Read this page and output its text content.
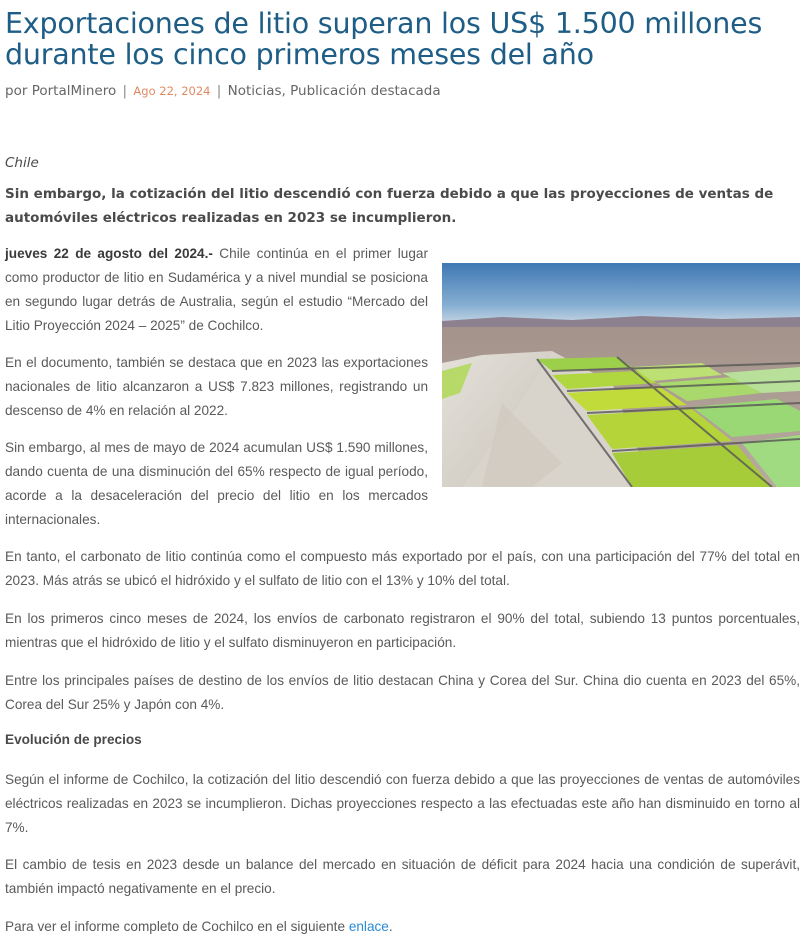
Exportaciones de litio superan los US$ 1.500 millones durante los cinco primeros meses del año
por PortalMinero | Ago 22, 2024 | Noticias, Publicación destacada
Chile

Sin embargo, la cotización del litio descendió con fuerza debido a que las proyecciones de ventas de automóviles eléctricos realizadas en 2023 se incumplieron.

jueves 22 de agosto del 2024.- Chile continúa en el primer lugar como productor de litio en Sudamérica y a nivel mundial se posiciona en segundo lugar detrás de Australia, según el estudio “Mercado del Litio Proyección 2024 – 2025” de Cochilco.

En el documento, también se destaca que en 2023 las exportaciones nacionales de litio alcanzaron a US$ 7.823 millones, registrando un descenso de 4% en relación al 2022.

Sin embargo, al mes de mayo de 2024 acumulan US$ 1.590 millones, dando cuenta de una disminución del 65% respecto de igual período, acorde a la desaceleración del precio del litio en los mercados internacionales.

En tanto, el carbonato de litio continúa como el compuesto más exportado por el país, con una participación del 77% del total en 2023. Más atrás se ubicó el hidróxido y el sulfato de litio con el 13% y 10% del total.

En los primeros cinco meses de 2024, los envíos de carbonato registraron el 90% del total, subiendo 13 puntos porcentuales, mientras que el hidróxido de litio y el sulfato disminuyeron en participación.

Entre los principales países de destino de los envíos de litio destacan China y Corea del Sur. China dio cuenta en 2023 del 65%, Corea del Sur 25% y Japón con 4%.

Evolución de precios

Según el informe de Cochilco, la cotización del litio descendió con fuerza debido a que las proyecciones de ventas de automóviles eléctricos realizadas en 2023 se incumplieron. Dichas proyecciones respecto a las efectuadas este año han disminuido en torno al 7%.

El cambio de tesis en 2023 desde un balance del mercado en situación de déficit para 2024 hacia una condición de superávit, también impactó negativamente en el precio.

Para ver el informe completo de Cochilco en el siguiente enlace.
